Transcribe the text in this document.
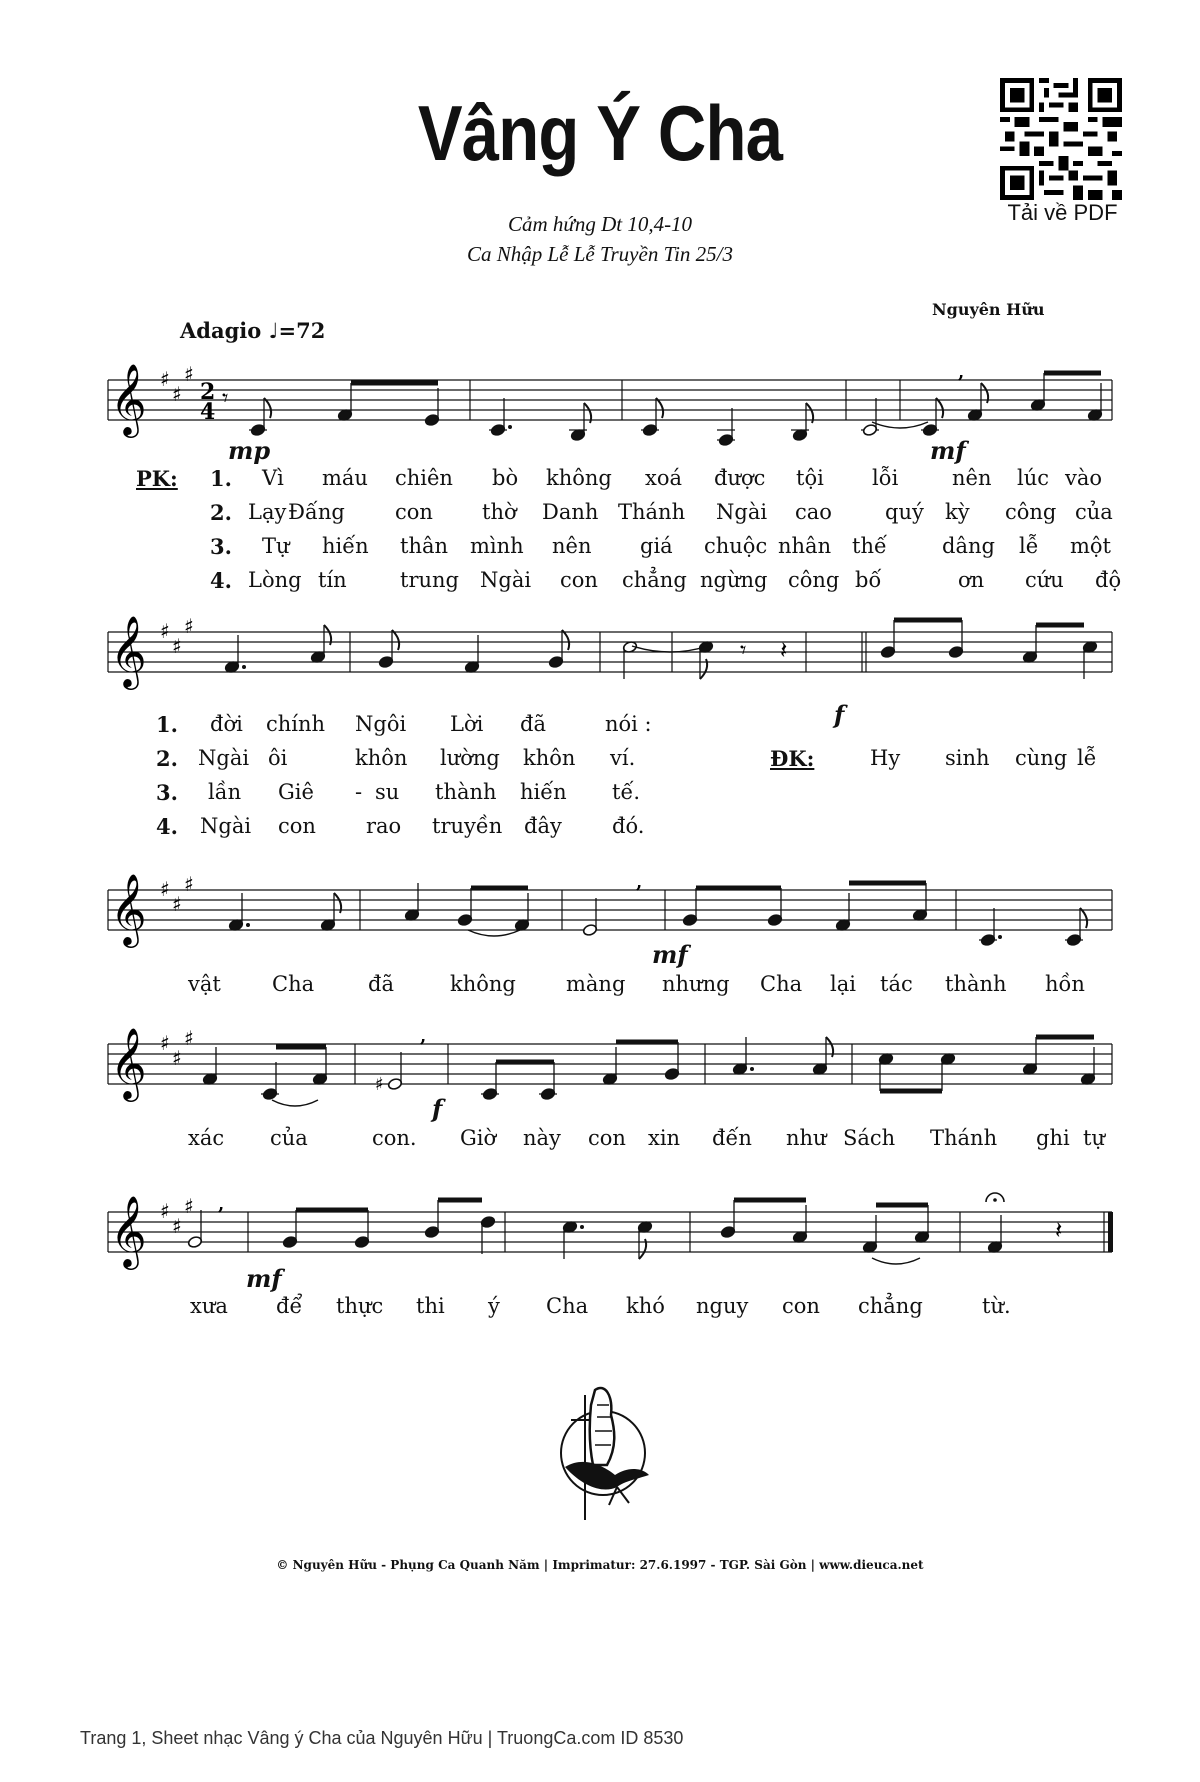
Vâng Ý Cha
Cảm hứng Dt 10,4-10
Ca Nhập Lễ Lễ Truyền Tin 25/3
Tải về PDF
Nguyên Hữu
Adagio ♩=72
𝄞 ♯
♯
♯
2
4 𝄾
,
𝄞 ♯
♯
♯
𝄾 𝄽
𝄞 ♯
♯
♯	,
𝄞 ♯
♯
♯
♯
,
𝄞 ♯
♯
♯
𝄽
,
mp	mf
f
mf
f
mf
PK: 1. Vì máu chiên bò không xoá được tội lỗi	nên lúc vào
2. Lạy Đấng con thờ Danh Thánh Ngài cao	quý kỳ công của
3. Tự hiến thân mình nên giá chuộc nhân thế	dâng lễ một
4. Lòng tín	trung Ngài con chẳng ngừng công bố	ơn cứu độ
1. đời chính Ngôi Lời đã	nói :
2. Ngài ôi	khôn lường khôn ví.
3. lần Giê - su thành hiến tế.
4. Ngài con rao truyền đây đó.
ĐK:	Hy sinh cùng lễ
vật Cha	đã	không màng nhưng Cha lại tác thành hồn
xác của	con. Giờ này con xin đến như Sách Thánh ghi tự
xưa để thực thi ý Cha khó nguy con chẳng	từ.
© Nguyên Hữu - Phụng Ca Quanh Năm | Imprimatur: 27.6.1997 - TGP. Sài Gòn | www.dieuca.net
Trang 1, Sheet nhạc Vâng ý Cha của Nguyên Hữu | TruongCa.com ID 8530
